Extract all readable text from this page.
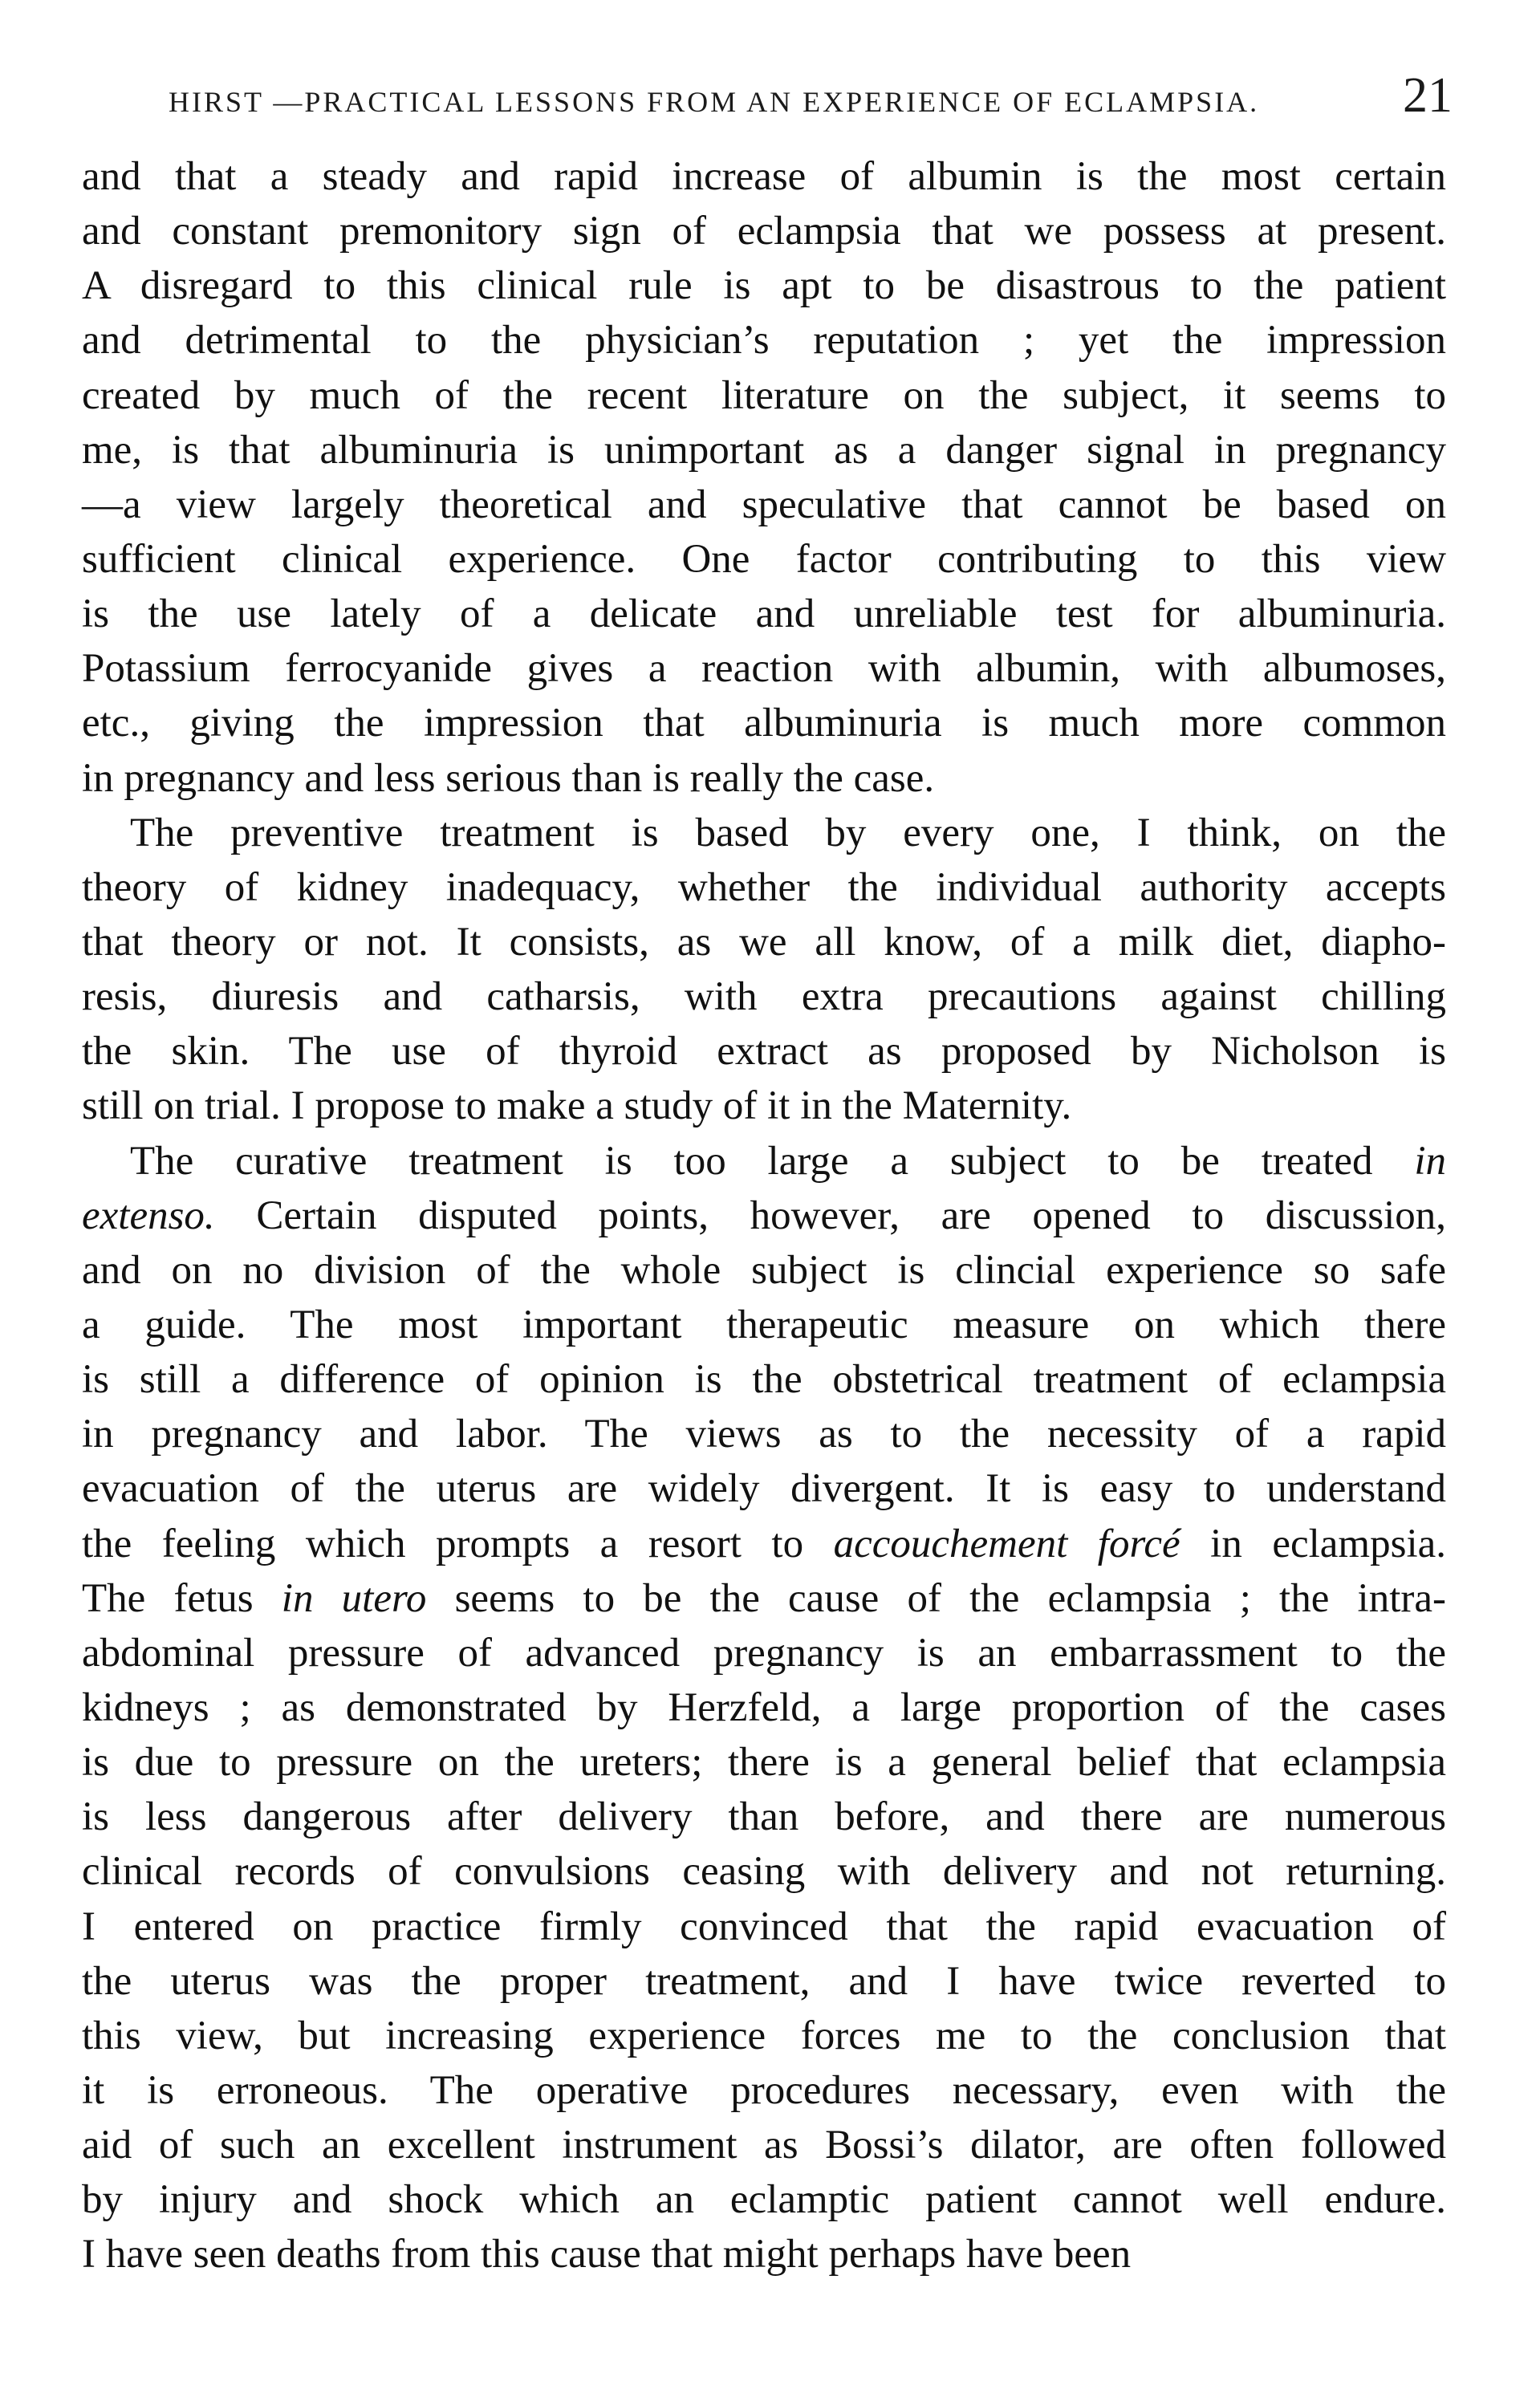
HIRST —PRACTICAL LESSONS FROM AN EXPERIENCE OF ECLAMPSIA.	21
and that a steady and rapid increase of albumin is the most certain
and constant premonitory sign of eclampsia that we possess at present.
A disregard to this clinical rule is apt to be disastrous to the patient
and detrimental to the physician’s reputation ; yet the impression
created by much of the recent literature on the subject, it seems to
me, is that albuminuria is unimportant as a danger signal in pregnancy
—a view largely theoretical and speculative that cannot be based on
sufficient clinical experience. One factor contributing to this view
is the use lately of a delicate and unreliable test for albuminuria.
Potassium ferrocyanide gives a reaction with albumin, with albumoses,
etc., giving the impression that albuminuria is much more common
in pregnancy and less serious than is really the case.
The preventive treatment is based by every one, I think, on the
theory of kidney inadequacy, whether the individual authority accepts
that theory or not. It consists, as we all know, of a milk diet, diapho-
resis, diuresis and catharsis, with extra precautions against chilling
the skin. The use of thyroid extract as proposed by Nicholson is
still on trial. I propose to make a study of it in the Maternity.
The curative treatment is too large a subject to be treated in
extenso. Certain disputed points, however, are opened to discussion,
and on no division of the whole subject is clincial experience so safe
a guide. The most important therapeutic measure on which there
is still a difference of opinion is the obstetrical treatment of eclampsia
in pregnancy and labor. The views as to the necessity of a rapid
evacuation of the uterus are widely divergent. It is easy to understand
the feeling which prompts a resort to accouchement forcé in eclampsia.
The fetus in utero seems to be the cause of the eclampsia ; the intra-
abdominal pressure of advanced pregnancy is an embarrassment to the
kidneys ; as demonstrated by Herzfeld, a large proportion of the cases
is due to pressure on the ureters; there is a general belief that eclampsia
is less dangerous after delivery than before, and there are numerous
clinical records of convulsions ceasing with delivery and not returning.
I entered on practice firmly convinced that the rapid evacuation of
the uterus was the proper treatment, and I have twice reverted to
this view, but increasing experience forces me to the conclusion that
it is erroneous. The operative procedures necessary, even with the
aid of such an excellent instrument as Bossi’s dilator, are often followed
by injury and shock which an eclamptic patient cannot well endure.
I have seen deaths from this cause that might perhaps have been
